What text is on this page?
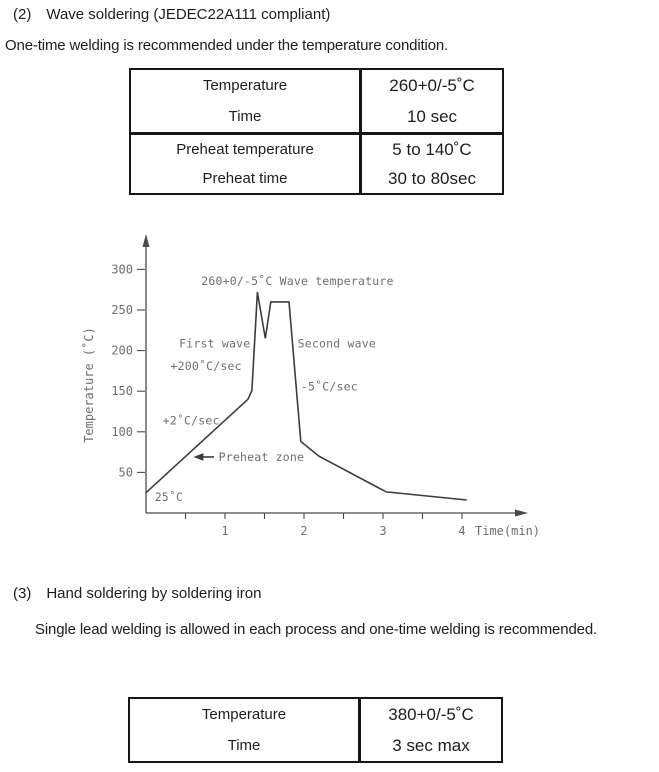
(2) Wave soldering (JEDEC22A111 compliant)
One-time welding is recommended under the temperature condition.
Temperature	260+0/-5˚C
Time	10 sec
Preheat temperature	5 to 140˚C
Preheat time	30 to 80sec
1	2	3	4
50
100
150
200
250
300
Time(min)
Temperature (˚C)
260+0/-5˚C Wave temperature
First wave
+200˚C/sec
Second wave
-5˚C/sec
+2˚C/sec
Preheat zone
25˚C
(3) Hand soldering by soldering iron
Single lead welding is allowed in each process and one-time welding is recommended.
Temperature	380+0/-5˚C
Time	3 sec max
